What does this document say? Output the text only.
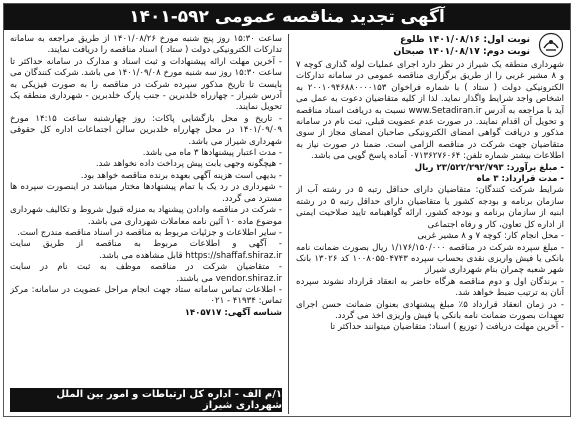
آگهی تجدید مناقصه عمومی ۵۹۲-۱۴۰۱
نوبت اول: ۱۴۰۱/۰۸/۱۶ طلوع
نوبت دوم: ۱۴۰۱/۰۸/۱۷ صبحان

شهرداری منطقه یک شیراز در نظر دارد اجرای عملیات لوله گذاری کوچه ۷ و ۸ مشیر غربی را از طریق برگزاری مناقصه عمومی در سامانه تدارکات الکترونیکی دولت ( ستاد ) با شماره فراخوان ۲۰۰۱۰۹۴۶۸۸۰۰۰۰۱۵۳ به اشخاص واجد شرایط واگذار نماید. لذا از کلیه متقاضیان دعوت به عمل می آید با مراجعه به آدرس www.Setadiran.ir نسبت به دریافت اسناد مناقصه و تحویل آن اقدام نمایند. در صورت عدم عضویت قبلی، ثبت نام در سامانه مذکور و دریافت گواهی امضای الکترونیکی صاحبان امضای مجاز از سوی متقاضیان جهت شرکت در مناقصه الزامی است. ضمنا در صورت نیاز به اطلاعات بیشتر شماره تلفن: ۰۷۱۳۶۲۷۶۰۶۴ آماده پاسخ گویی می باشد.

- مبلغ برآورد: ۲۳/۵۲۲/۲۹۲/۷۹۳ ریال

- مدت قرارداد: ۳ ماه

شرایط شرکت کنندگان: متقاضیان دارای حداقل رتبه ۵ در رشته آب از سازمان برنامه و بودجه کشور یا متقاضیان دارای حداقل رتبه ۵ در رشته ابنیه از سازمان برنامه و بودجه کشور، ارائه گواهینامه تایید صلاحیت ایمنی از اداره کل تعاون، کار و رفاه اجتماعی

- محل انجام کار: کوچه ۷ و ۸ مشیر غربی

- مبلغ سپرده شرکت در مناقصه ۱/۱۷۶/۱۵۰/۰۰۰ ریال بصورت ضمانت نامه بانکی یا فیش واریزی نقدی بحساب سپرده ۱۰۰۸۰۵۵۰۴۷۴۳ کد ۱۳۰۲۶ بانک شهر شعبه چمران بنام شهرداری شیراز

- برندگان اول و دوم مناقصه هرگاه حاضر به انعقاد قرارداد نشوند سپرده آنان به ترتیب ضبط خواهد شد.

- در زمان انعقاد قرارداد ۵٪ مبلغ پیشنهادی بعنوان ضمانت حسن اجرای تعهدات بصورت ضمانت نامه بانکی یا فیش واریزی اخذ می گردد.

- آخرین مهلت دریافت ( توزیع ) اسناد: متقاضیان میتوانند حداکثر تا

ساعت ۱۵:۳۰ روز پنج شنبه مورخ ۱۴۰۱/۰۸/۲۶ از طریق مراجعه به سامانه تدارکات الکترونیکی دولت ( ستاد ) اسناد مناقصه را دریافت نمایند.

- آخرین مهلت ارائه پیشنهادات و ثبت اسناد و مدارک در سامانه حداکثر تا ساعت ۱۵:۳۰ روز سه شنبه مورخ ۱۴۰۱/۰۹/۰۸ می باشد. شرکت کنندگان می بایست تا تاریخ مذکور سپرده شرکت در مناقصه را به صورت فیزیکی به آدرس شیراز - چهارراه خلدبرین - جنب پارک خلدبرین - شهرداری منطقه یک تحویل نمایند.

- تاریخ و محل بازگشایی پاکات: روز چهارشنبه ساعت ۱۴:۱۵ مورخ ۱۴۰۱/۰۹/۰۹ در محل چهارراه خلدبرین سالن اجتماعات اداره کل حقوقی شهرداری شیراز می باشد.

- مدت اعتبار پیشنهادها ۳ ماه می باشد.

- هیچگونه وجهی بابت پیش پرداخت داده نخواهد شد.

- بدیهی است هزینه آگهی بعهده برنده مناقصه خواهد بود.

- شهرداری در رد یک یا تمام پیشنهادها مختار میباشد در اینصورت سپرده ها مسترد می گردد.

- شرکت در مناقصه وادادن پیشنهاد به منزله قبول شروط و تکالیف شهرداری موضوع ماده ۱۰ آئین نامه معاملات شهرداری می باشد.

- سایر اطلاعات و جزئیات مربوط به مناقصه در اسناد مناقصه مندرج است.

- آگهی و اطلاعات مربوط به مناقصه از طریق سایت https://shaffaf.shiraz.ir قابل مشاهده می باشد.

- متقاضیان شرکت در مناقصه موظف به ثبت نام در سایت vendor.shiraz.ir می باشند.

- اطلاعات تماس سامانه ستاد جهت انجام مراحل عضویت در سامانه: مرکز تماس: ۴۱۹۳۴ - ۰۲۱

شناسه آگهی: ۱۴۰۵۷۱۷

۱/م الف - اداره کل ارتباطات و امور بین الملل شهرداری شیراز
